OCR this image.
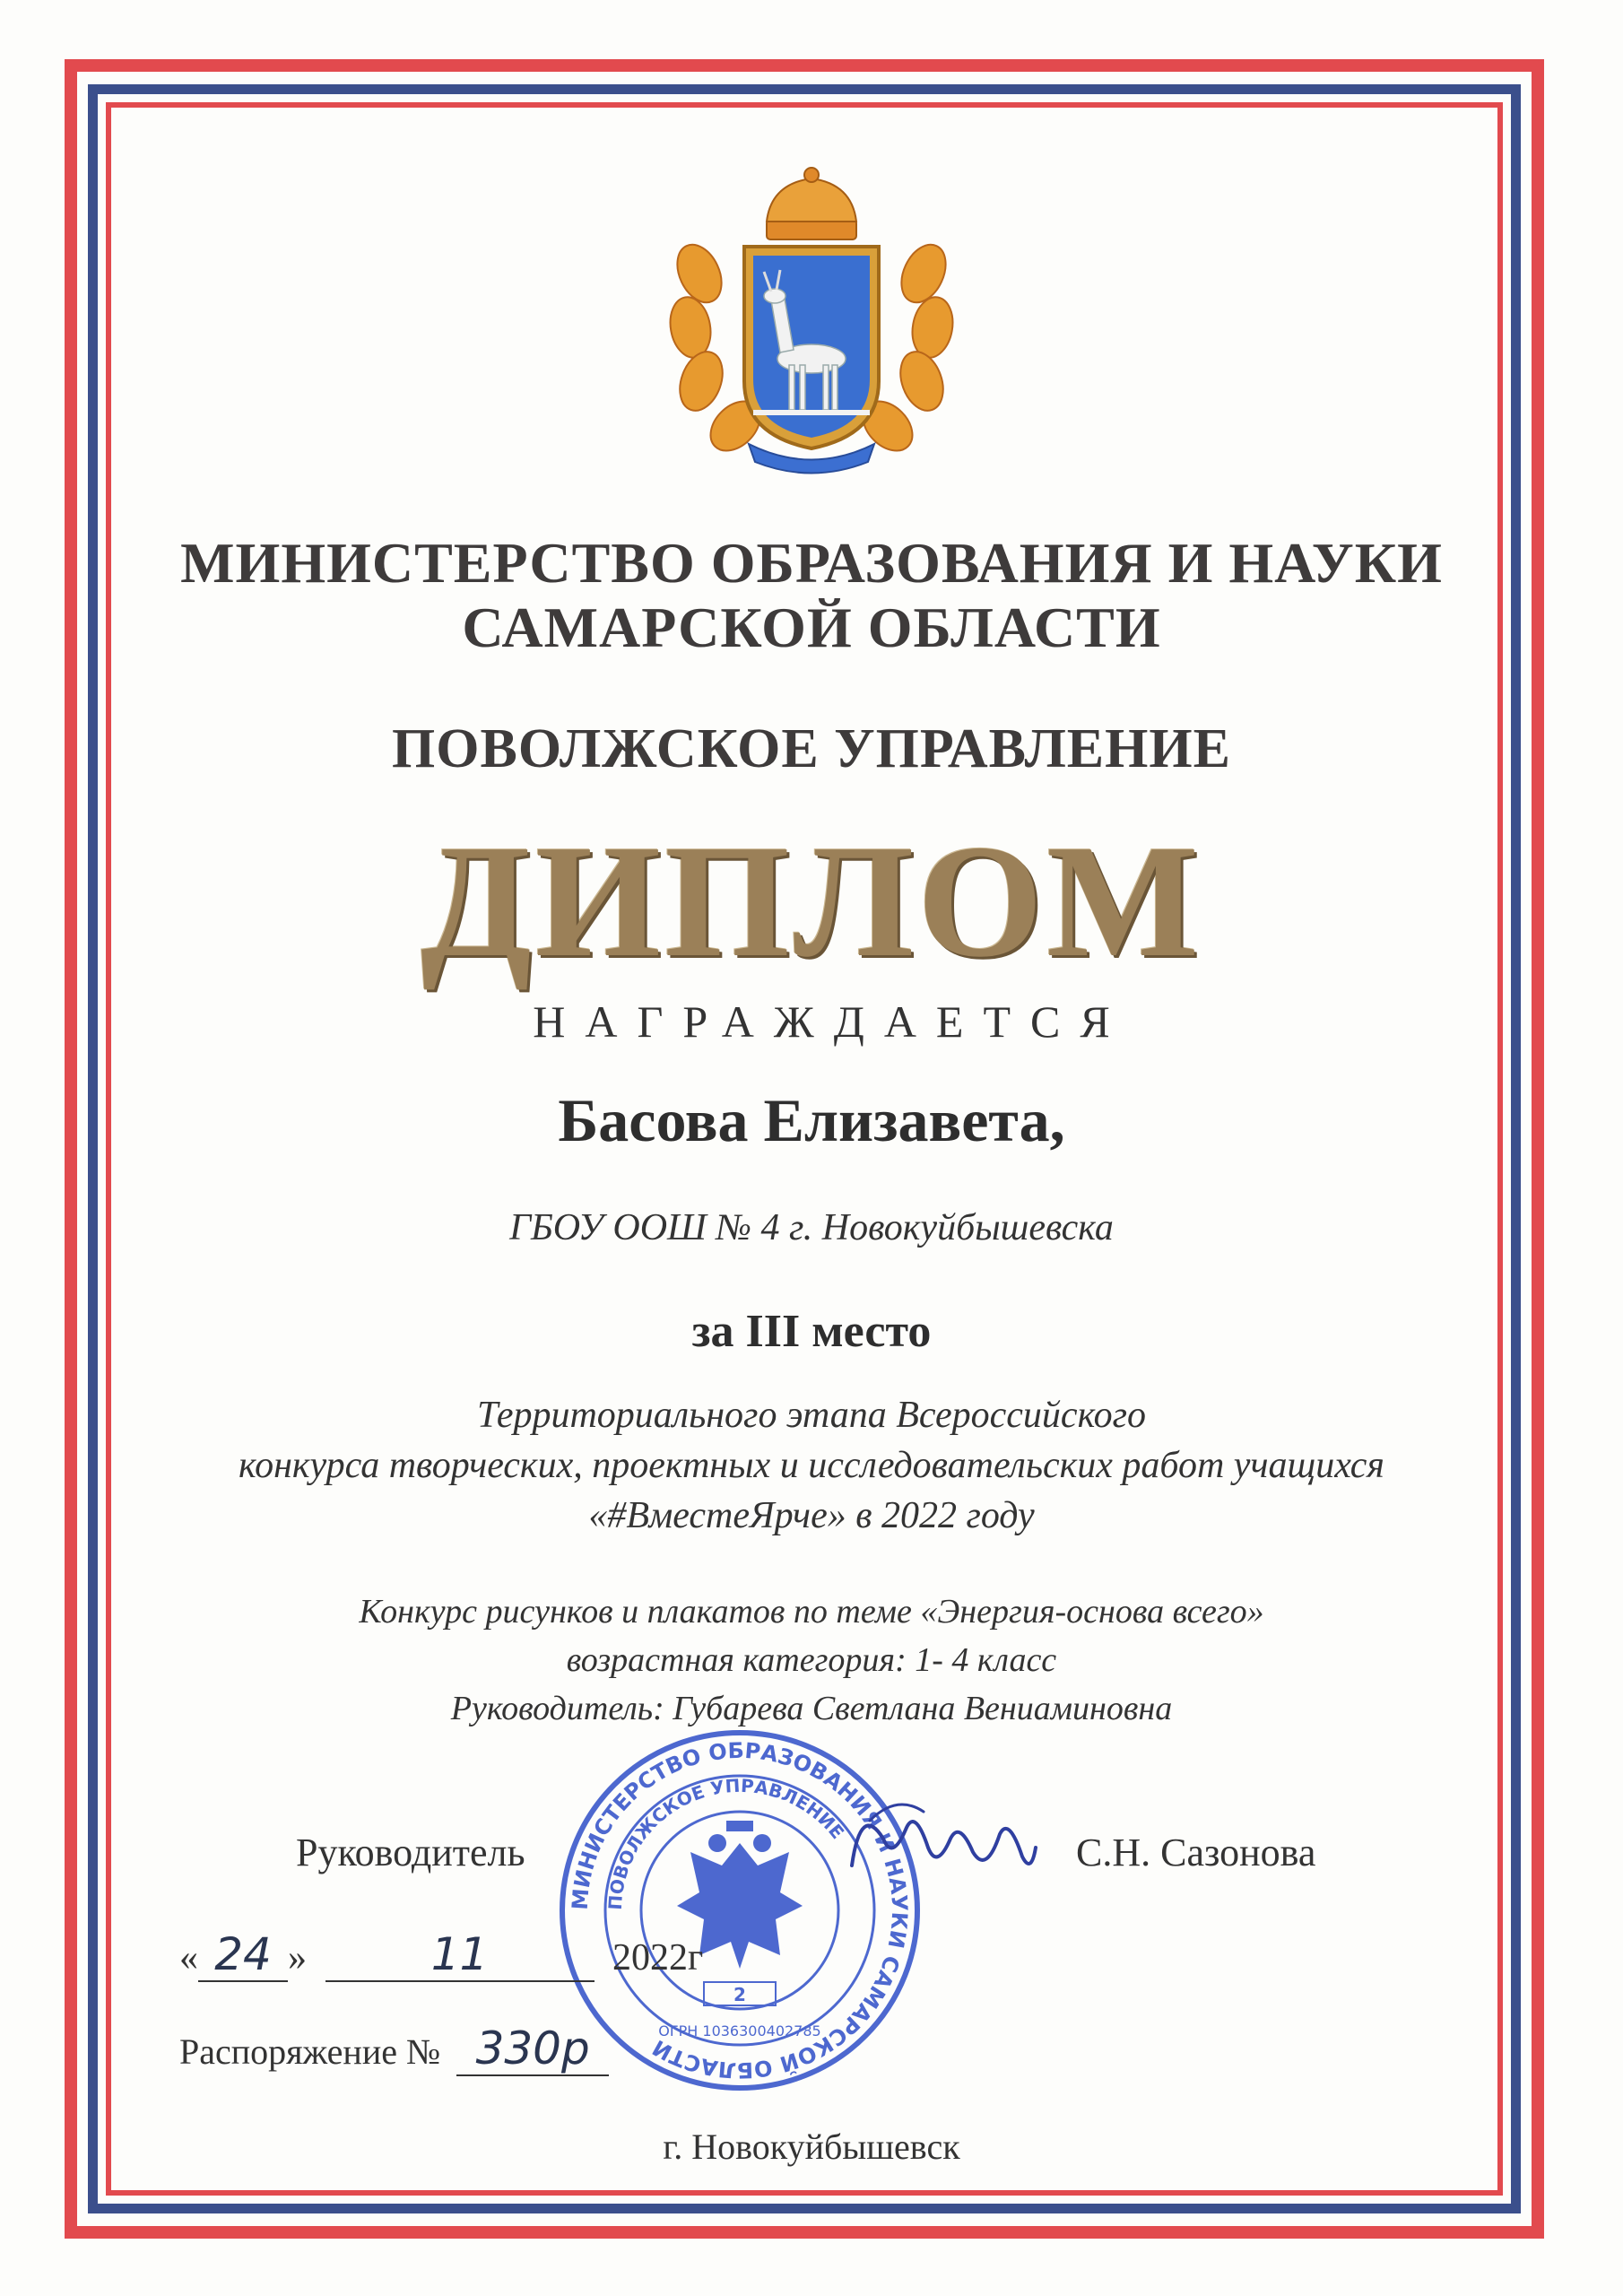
МИНИСТЕРСТВО ОБРАЗОВАНИЯ И НАУКИ
САМАРСКОЙ ОБЛАСТИ
ПОВОЛЖСКОЕ УПРАВЛЕНИЕ
ДИПЛОМ
НАГРАЖДАЕТСЯ
Басова Елизавета,
ГБОУ ООШ № 4 г. Новокуйбышевска
за III место
Территориального этапа Всероссийского
конкурса творческих, проектных и исследовательских работ учащихся
«#ВместеЯрче» в 2022 году
Конкурс рисунков и плакатов по теме «Энергия-основа всего»
возрастная категория: 1- 4 класс
Руководитель: Губарева Светлана Вениаминовна
Руководитель	С.Н. Сазонова
МИНИСТЕРСТВО ОБРАЗОВАНИЯ И НАУКИ САМАРСКОЙ ОБЛАСТИ
ПОВОЛЖСКОЕ УПРАВЛЕНИЕ
2
ОГРН 1036300402785
« 24 »	11	2022г
Распоряжение № 330р
г. Новокуйбышевск
